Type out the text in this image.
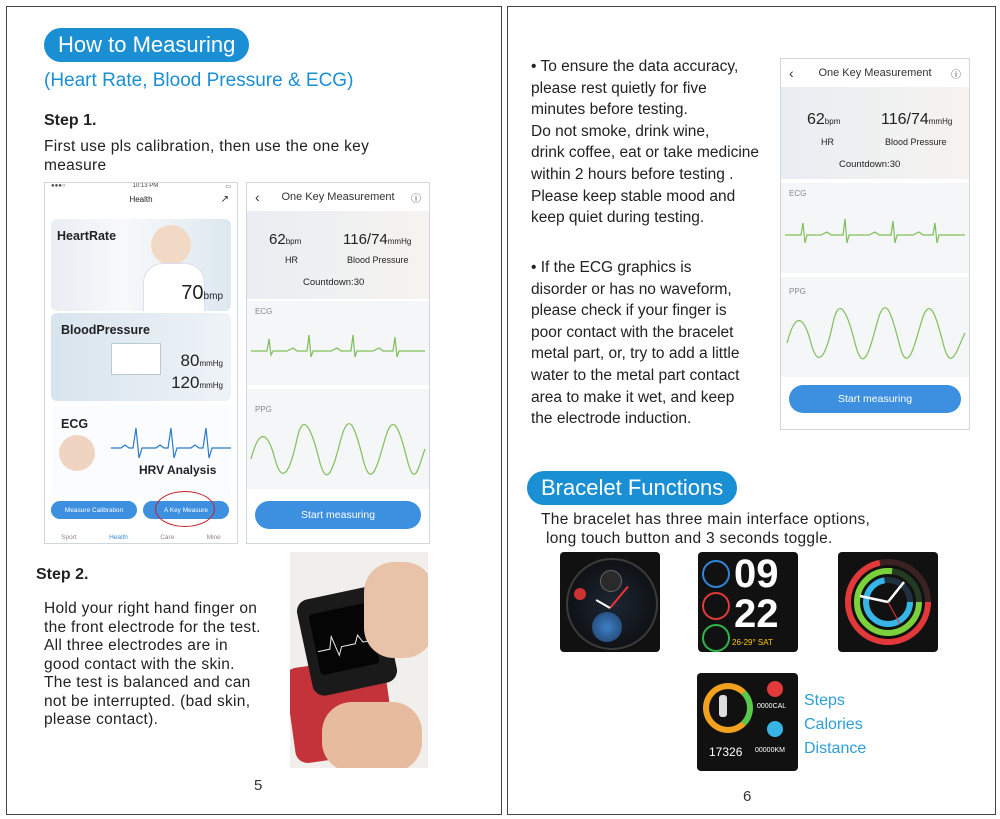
How to Measuring
(Heart Rate, Blood Pressure & ECG)
Step 1.
First use pls calibration, then use the one key
measure
●●●○	10:13 PM	▭
Health	↗
HeartRate
70bmp
BloodPressure
80mmHg
120mmHg
ECG
HRV Analysis
Measure Calibration	A Key Measure
Sport	Health	Care	Mine
‹ One Key Measurement ⓘ
62bpm
HR
116/74mmHg
Blood Pressure
Countdown:30
ECG
PPG
Start measuring
Step 2.
Hold your right hand finger on
the front electrode for the test.
All three electrodes are in
good contact with the skin.
The test is balanced and can
not be interrupted. (bad skin,
please contact).
5
• To ensure the data accuracy,
please rest quietly for five
minutes before testing.
Do not smoke, drink wine,
drink coffee, eat or take medicine
within 2 hours before testing .
Please keep stable mood and
keep quiet during testing.
• If the ECG graphics is
disorder or has no waveform,
please check if your finger is
poor contact with the bracelet
metal part, or, try to add a little
water to the metal part contact
area to make it wet, and keep
the electrode induction.
‹ One Key Measurement ⓘ
62bpm
HR
116/74mmHg
Blood Pressure
Countdown:30
ECG
PPG
Start measuring
Bracelet Functions
The bracelet has three main interface options,
long touch button and 3 seconds toggle.
09
22
26-29° SAT
0000CAL
17326 00000KM
Steps
Calories
Distance
6
